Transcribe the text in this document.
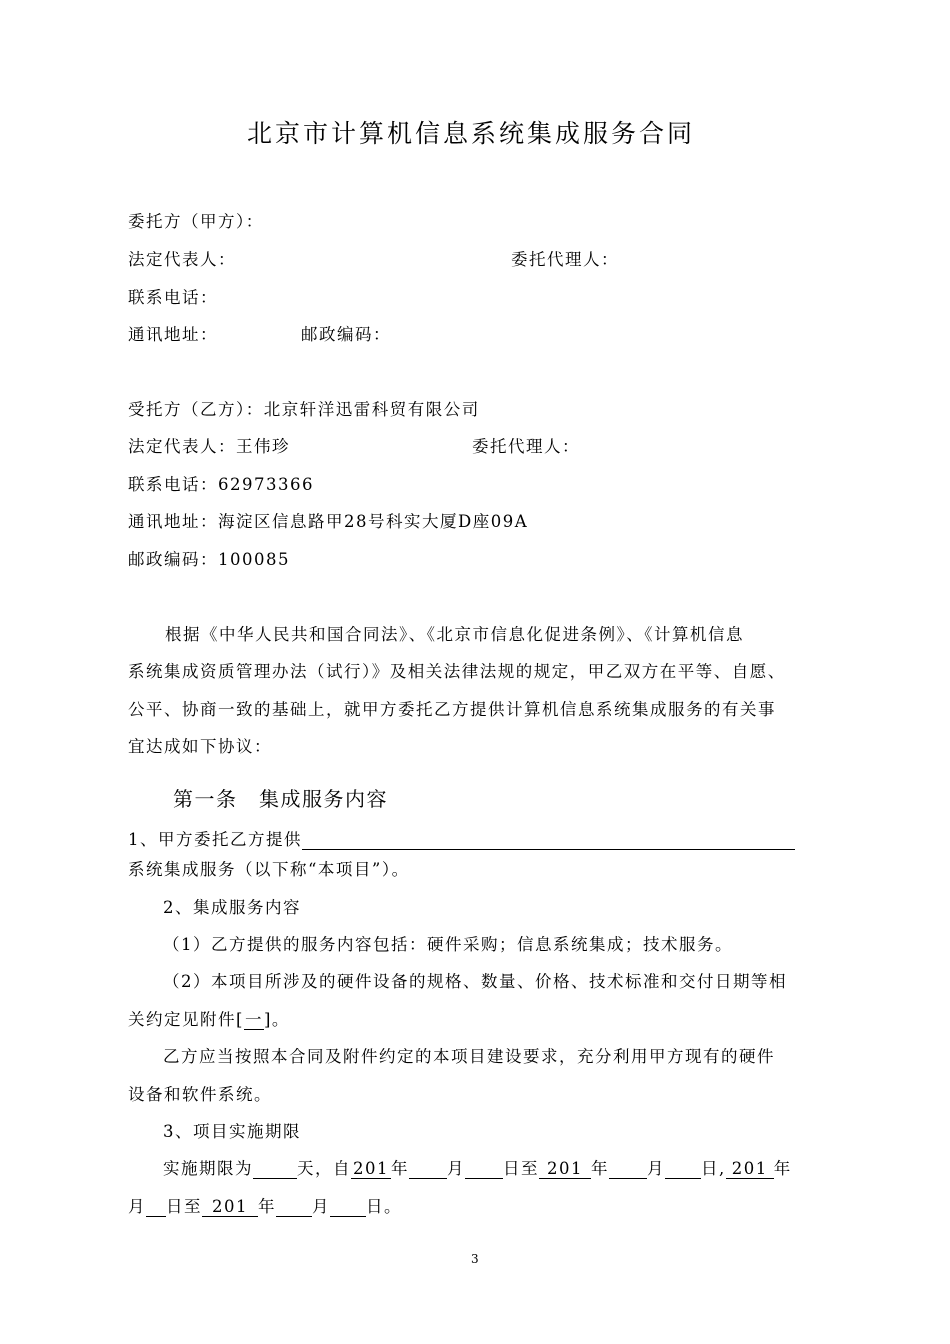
北京市计算机信息系统集成服务合同
委托方（甲方）：
法定代表人：	委托代理人：
联系电话：
通讯地址：	邮政编码：
受托方（乙方）：北京轩洋迅雷科贸有限公司
法定代表人：王伟珍	委托代理人：
联系电话：62973366
通讯地址：海淀区信息路甲28号科实大厦D座09A
邮政编码：100085
根据《中华人民共和国合同法》、《北京市信息化促进条例》、《计算机信息
系统集成资质管理办法（试行）》及相关法律法规的规定，甲乙双方在平等、自愿、
公平、协商一致的基础上，就甲方委托乙方提供计算机信息系统集成服务的有关事
宜达成如下协议：
第一条　集成服务内容
1、甲方委托乙方提供
系统集成服务（以下称“本项目”）。
2、集成服务内容
（1）乙方提供的服务内容包括：硬件采购；信息系统集成；技术服务。
（2）本项目所涉及的硬件设备的规格、数量、价格、技术标准和交付日期等相
关约定见附件[一]。
乙方应当按照本合同及附件约定的本项目建设要求，充分利用甲方现有的硬件
设备和软件系统。
3、项目实施期限
实施期限为	天，自 201 年 月 日至 201 年 月 日, 201 年
月 日至 201 年 月 日。
3
